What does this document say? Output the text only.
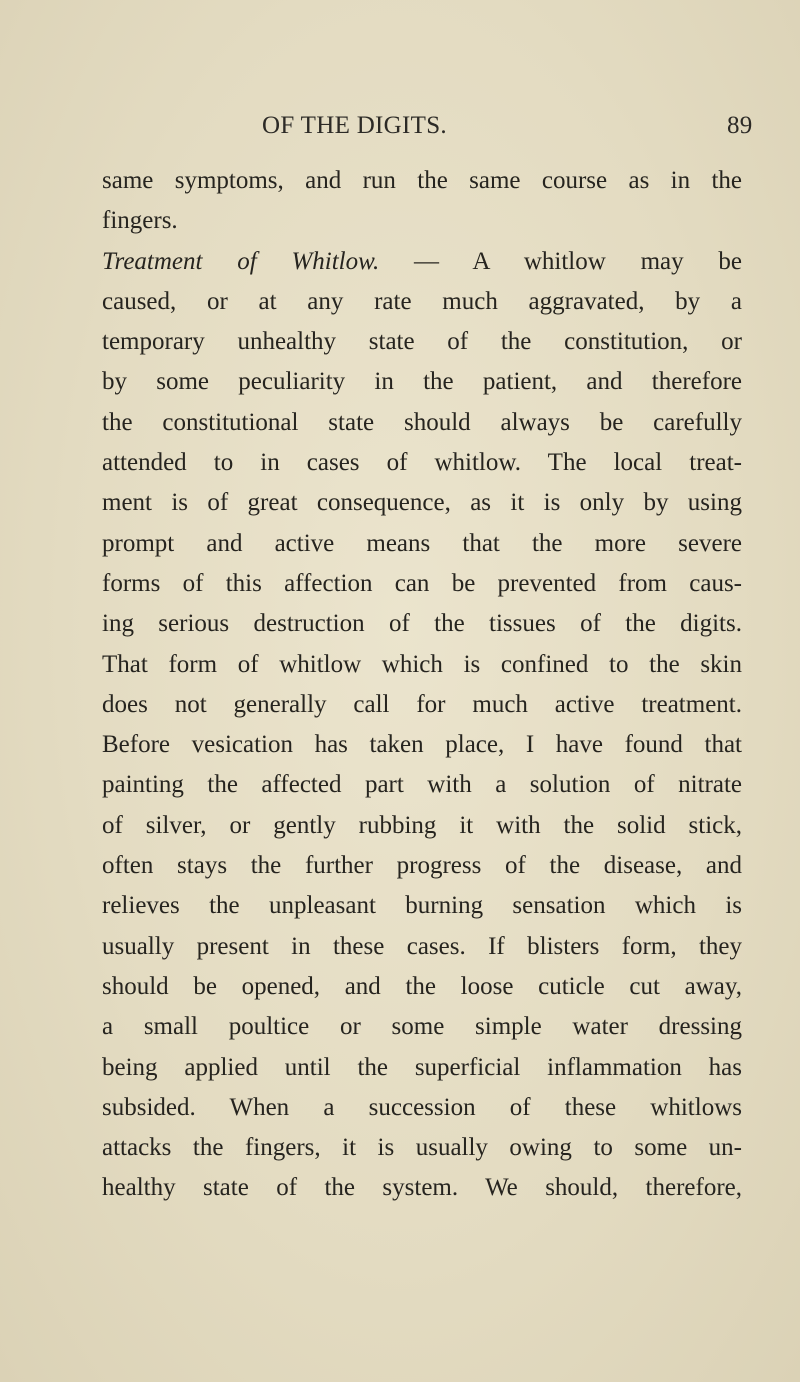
OF THE DIGITS.	89
same symptoms, and run the same course as in the
fingers.
Treatment of Whitlow. — A whitlow may be
caused, or at any rate much aggravated, by a
temporary unhealthy state of the constitution, or
by some peculiarity in the patient, and therefore
the constitutional state should always be carefully
attended to in cases of whitlow. The local treat-
ment is of great consequence, as it is only by using
prompt and active means that the more severe
forms of this affection can be prevented from caus-
ing serious destruction of the tissues of the digits.
That form of whitlow which is confined to the skin
does not generally call for much active treatment.
Before vesication has taken place, I have found that
painting the affected part with a solution of nitrate
of silver, or gently rubbing it with the solid stick,
often stays the further progress of the disease, and
relieves the unpleasant burning sensation which is
usually present in these cases. If blisters form, they
should be opened, and the loose cuticle cut away,
a small poultice or some simple water dressing
being applied until the superficial inflammation has
subsided. When a succession of these whitlows
attacks the fingers, it is usually owing to some un-
healthy state of the system. We should, therefore,
